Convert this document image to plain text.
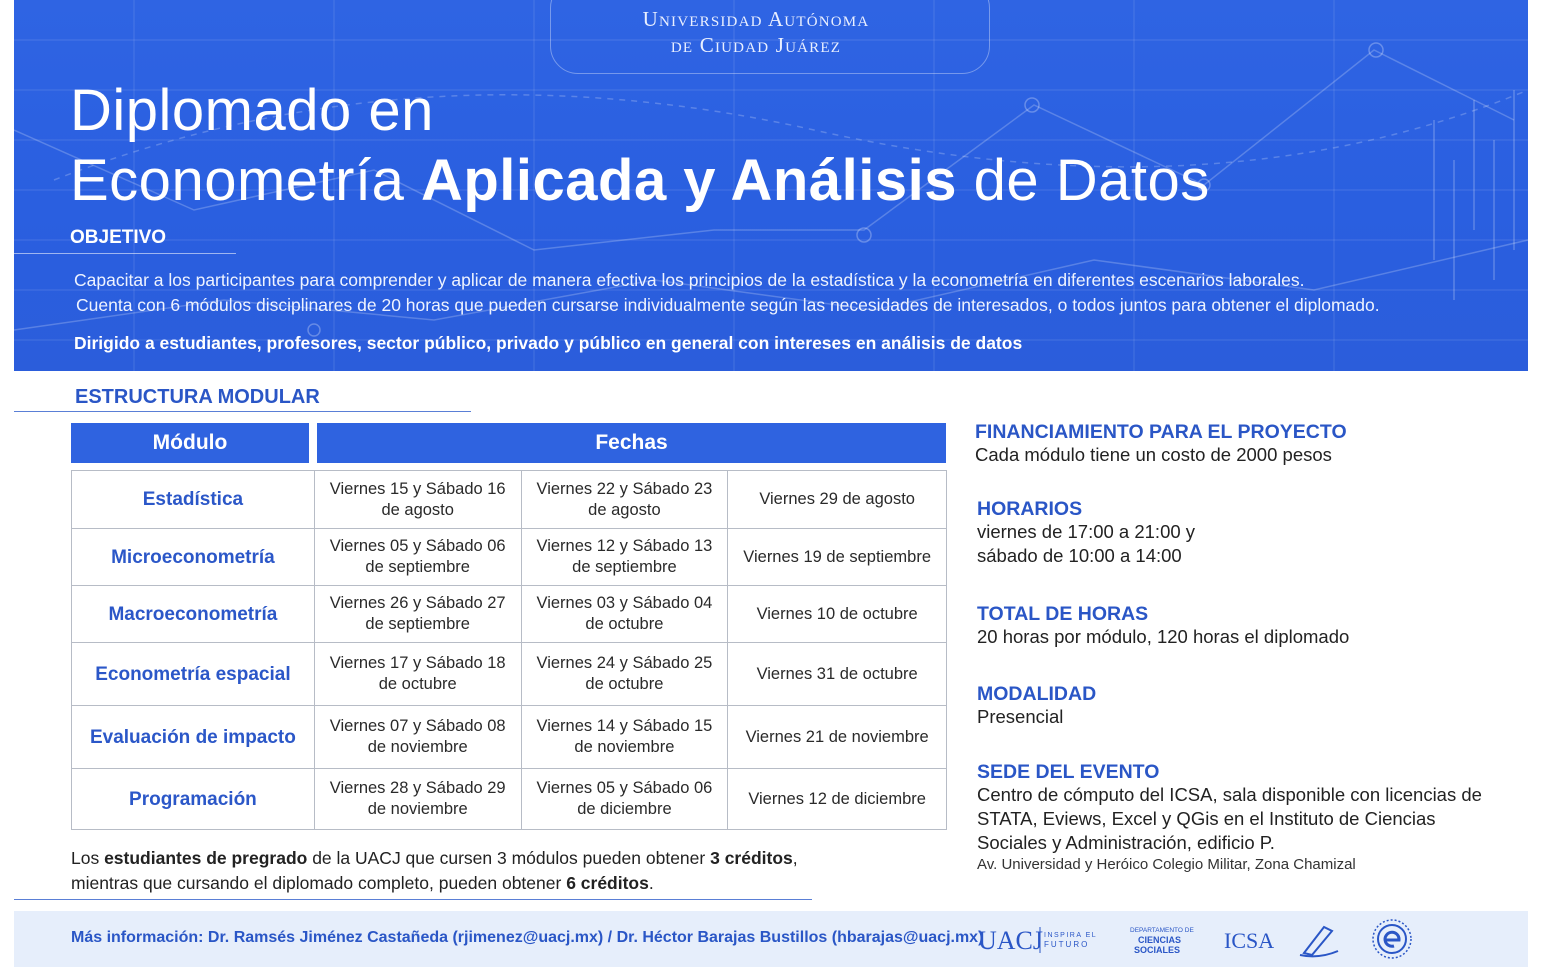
Universidad Autónoma
de Ciudad Juárez
Diplomado en
Econometría Aplicada y Análisis de Datos
OBJETIVO
Capacitar a los participantes para comprender y aplicar de manera efectiva los principios de la estadística y la econometría en diferentes escenarios laborales.
Cuenta con 6 módulos disciplinares de 20 horas que pueden cursarse individualmente según las necesidades de interesados, o todos juntos para obtener el diplomado.
Dirigido a estudiantes, profesores, sector público, privado y público en general con intereses en análisis de datos
ESTRUCTURA MODULAR
Módulo	Fechas
Estadística	Viernes 15 y Sábado 16 de agosto	Viernes 22 y Sábado 23 de agosto	Viernes 29 de agosto
Microeconometría	Viernes 05 y Sábado 06 de septiembre	Viernes 12 y Sábado 13 de septiembre	Viernes 19 de septiembre
Macroeconometría	Viernes 26 y Sábado 27 de septiembre	Viernes 03 y Sábado 04 de octubre	Viernes 10 de octubre
Econometría espacial	Viernes 17 y Sábado 18 de octubre	Viernes 24 y Sábado 25 de octubre	Viernes 31 de octubre
Evaluación de impacto	Viernes 07 y Sábado 08 de noviembre	Viernes 14 y Sábado 15 de noviembre	Viernes 21 de noviembre
Programación	Viernes 28 y Sábado 29 de noviembre	Viernes 05 y Sábado 06 de diciembre	Viernes 12 de diciembre
Los estudiantes de pregrado de la UACJ que cursen 3 módulos pueden obtener 3 créditos,
mientras que cursando el diplomado completo, pueden obtener 6 créditos.
FINANCIAMIENTO PARA EL PROYECTO

Cada módulo tiene un costo de 2000 pesos

HORARIOS

viernes de 17:00 a 21:00 y

sábado de 10:00 a 14:00

TOTAL DE HORAS

20 horas por módulo, 120 horas el diplomado

MODALIDAD

Presencial

SEDE DEL EVENTO

Centro de cómputo del ICSA, sala disponible con licencias de

STATA, Eviews, Excel y QGis en el Instituto de Ciencias

Sociales y Administración, edificio P.

Av. Universidad y Heróico Colegio Militar, Zona Chamizal

Más información: Dr. Ramsés Jiménez Castañeda (rjimenez@uacj.mx) / Dr. Héctor Barajas Bustillos (hbarajas@uacj.mx)
UACJ INSPIRA EL
FUTURO
DEPARTAMENTO DE
CIENCIAS
SOCIALES ICSA
